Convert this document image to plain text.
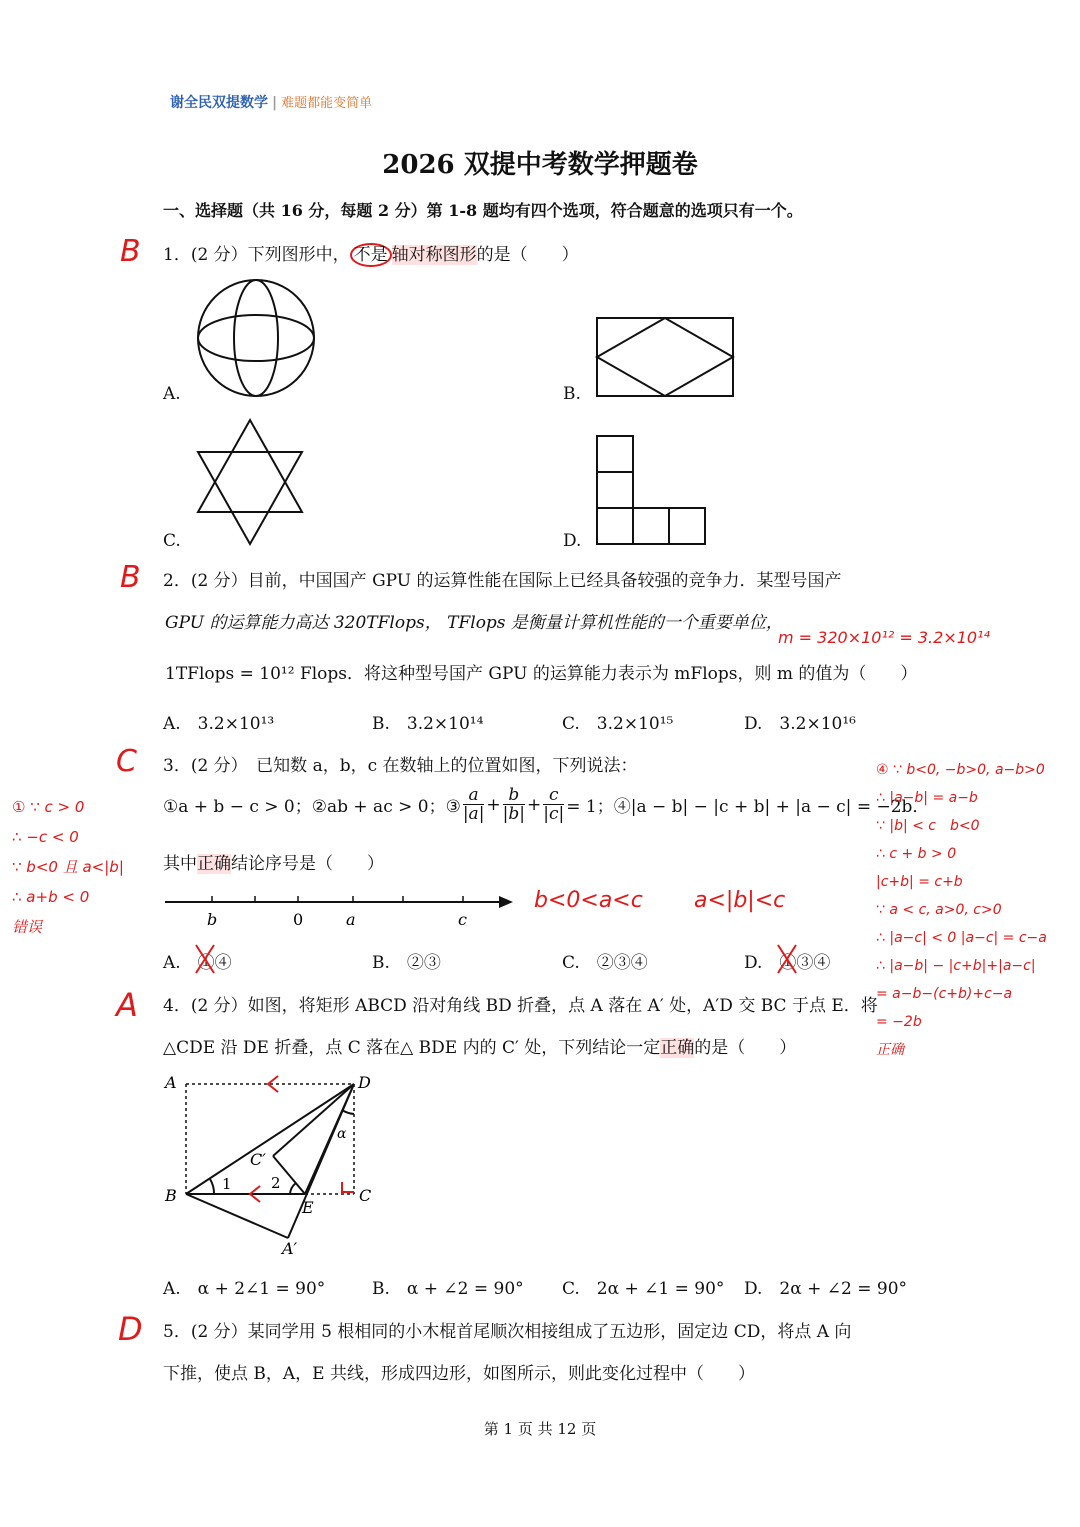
谢全民双提数学 | 难题都能变简单
2026 双提中考数学押题卷
一、选择题（共 16 分，每题 2 分）第 1-8 题均有四个选项，符合题意的选项只有一个。
1．(2 分）下列图形中， 不是 轴对称图形的是（　　）
A.	B.
C.	D.
2．(2 分）目前，中国国产 GPU 的运算性能在国际上已经具备较强的竞争力．某型号国产
GPU 的运算能力高达 320TFlops， TFlops 是衡量计算机性能的一个重要单位，
1TFlops = 10¹² Flops．将这种型号国产 GPU 的运算能力表示为 mFlops，则 m 的值为（　　）
A.　3.2×10¹³	B.　3.2×10¹⁴	C.　3.2×10¹⁵	D.　3.2×10¹⁶
3．(2 分）　已知数 a，b，c 在数轴上的位置如图，下列说法：
①a + b − c > 0；②ab + ac > 0；③ $\frac{a}{|a|} + \frac{b}{|b|} + \frac{c}{|c|} = 1$；④|a − b| − |c + b| + |a − c| = −2b．
其中正确结论序号是（　　）
b	0	a	c
A.　①④	B.　②③	C.　②③④	D.　①③④
4．(2 分）如图，将矩形 ABCD 沿对角线 BD 折叠，点 A 落在 A′ 处，A′D 交 BC 于点 E．将
△CDE 沿 DE 折叠，点 C 落在△ BDE 内的 C′ 处，下列结论一定正确的是（　　）
A	D
B	C
E
A′
C′
α
1	2
A.　α + 2∠1 = 90°	B.　α + ∠2 = 90° C.　2α + ∠1 = 90° D.　2α + ∠2 = 90°
5．(2 分）某同学用 5 根相同的小木棍首尾顺次相接组成了五边形，固定边 CD，将点 A 向
下推，使点 B，A，E 共线，形成四边形，如图所示，则此变化过程中（　　）
B
B
C
A
D
m = 320×10¹² = 3.2×10¹⁴
b<0<a<c a<|b|<c
① ∵ c > 0
∴ −c < 0
∵ b<0 且 a<|b|
∴ a+b < 0
错误
④ ∵ b<0, −b>0, a−b>0
∴ |a−b| = a−b
∵ |b| < c　b<0
∴ c + b > 0
|c+b| = c+b
∵ a < c, a>0, c>0
∴ |a−c| < 0 |a−c| = c−a
∴ |a−b| − |c+b|+|a−c|
= a−b−(c+b)+c−a
= −2b
正确
第 1 页 共 12 页
